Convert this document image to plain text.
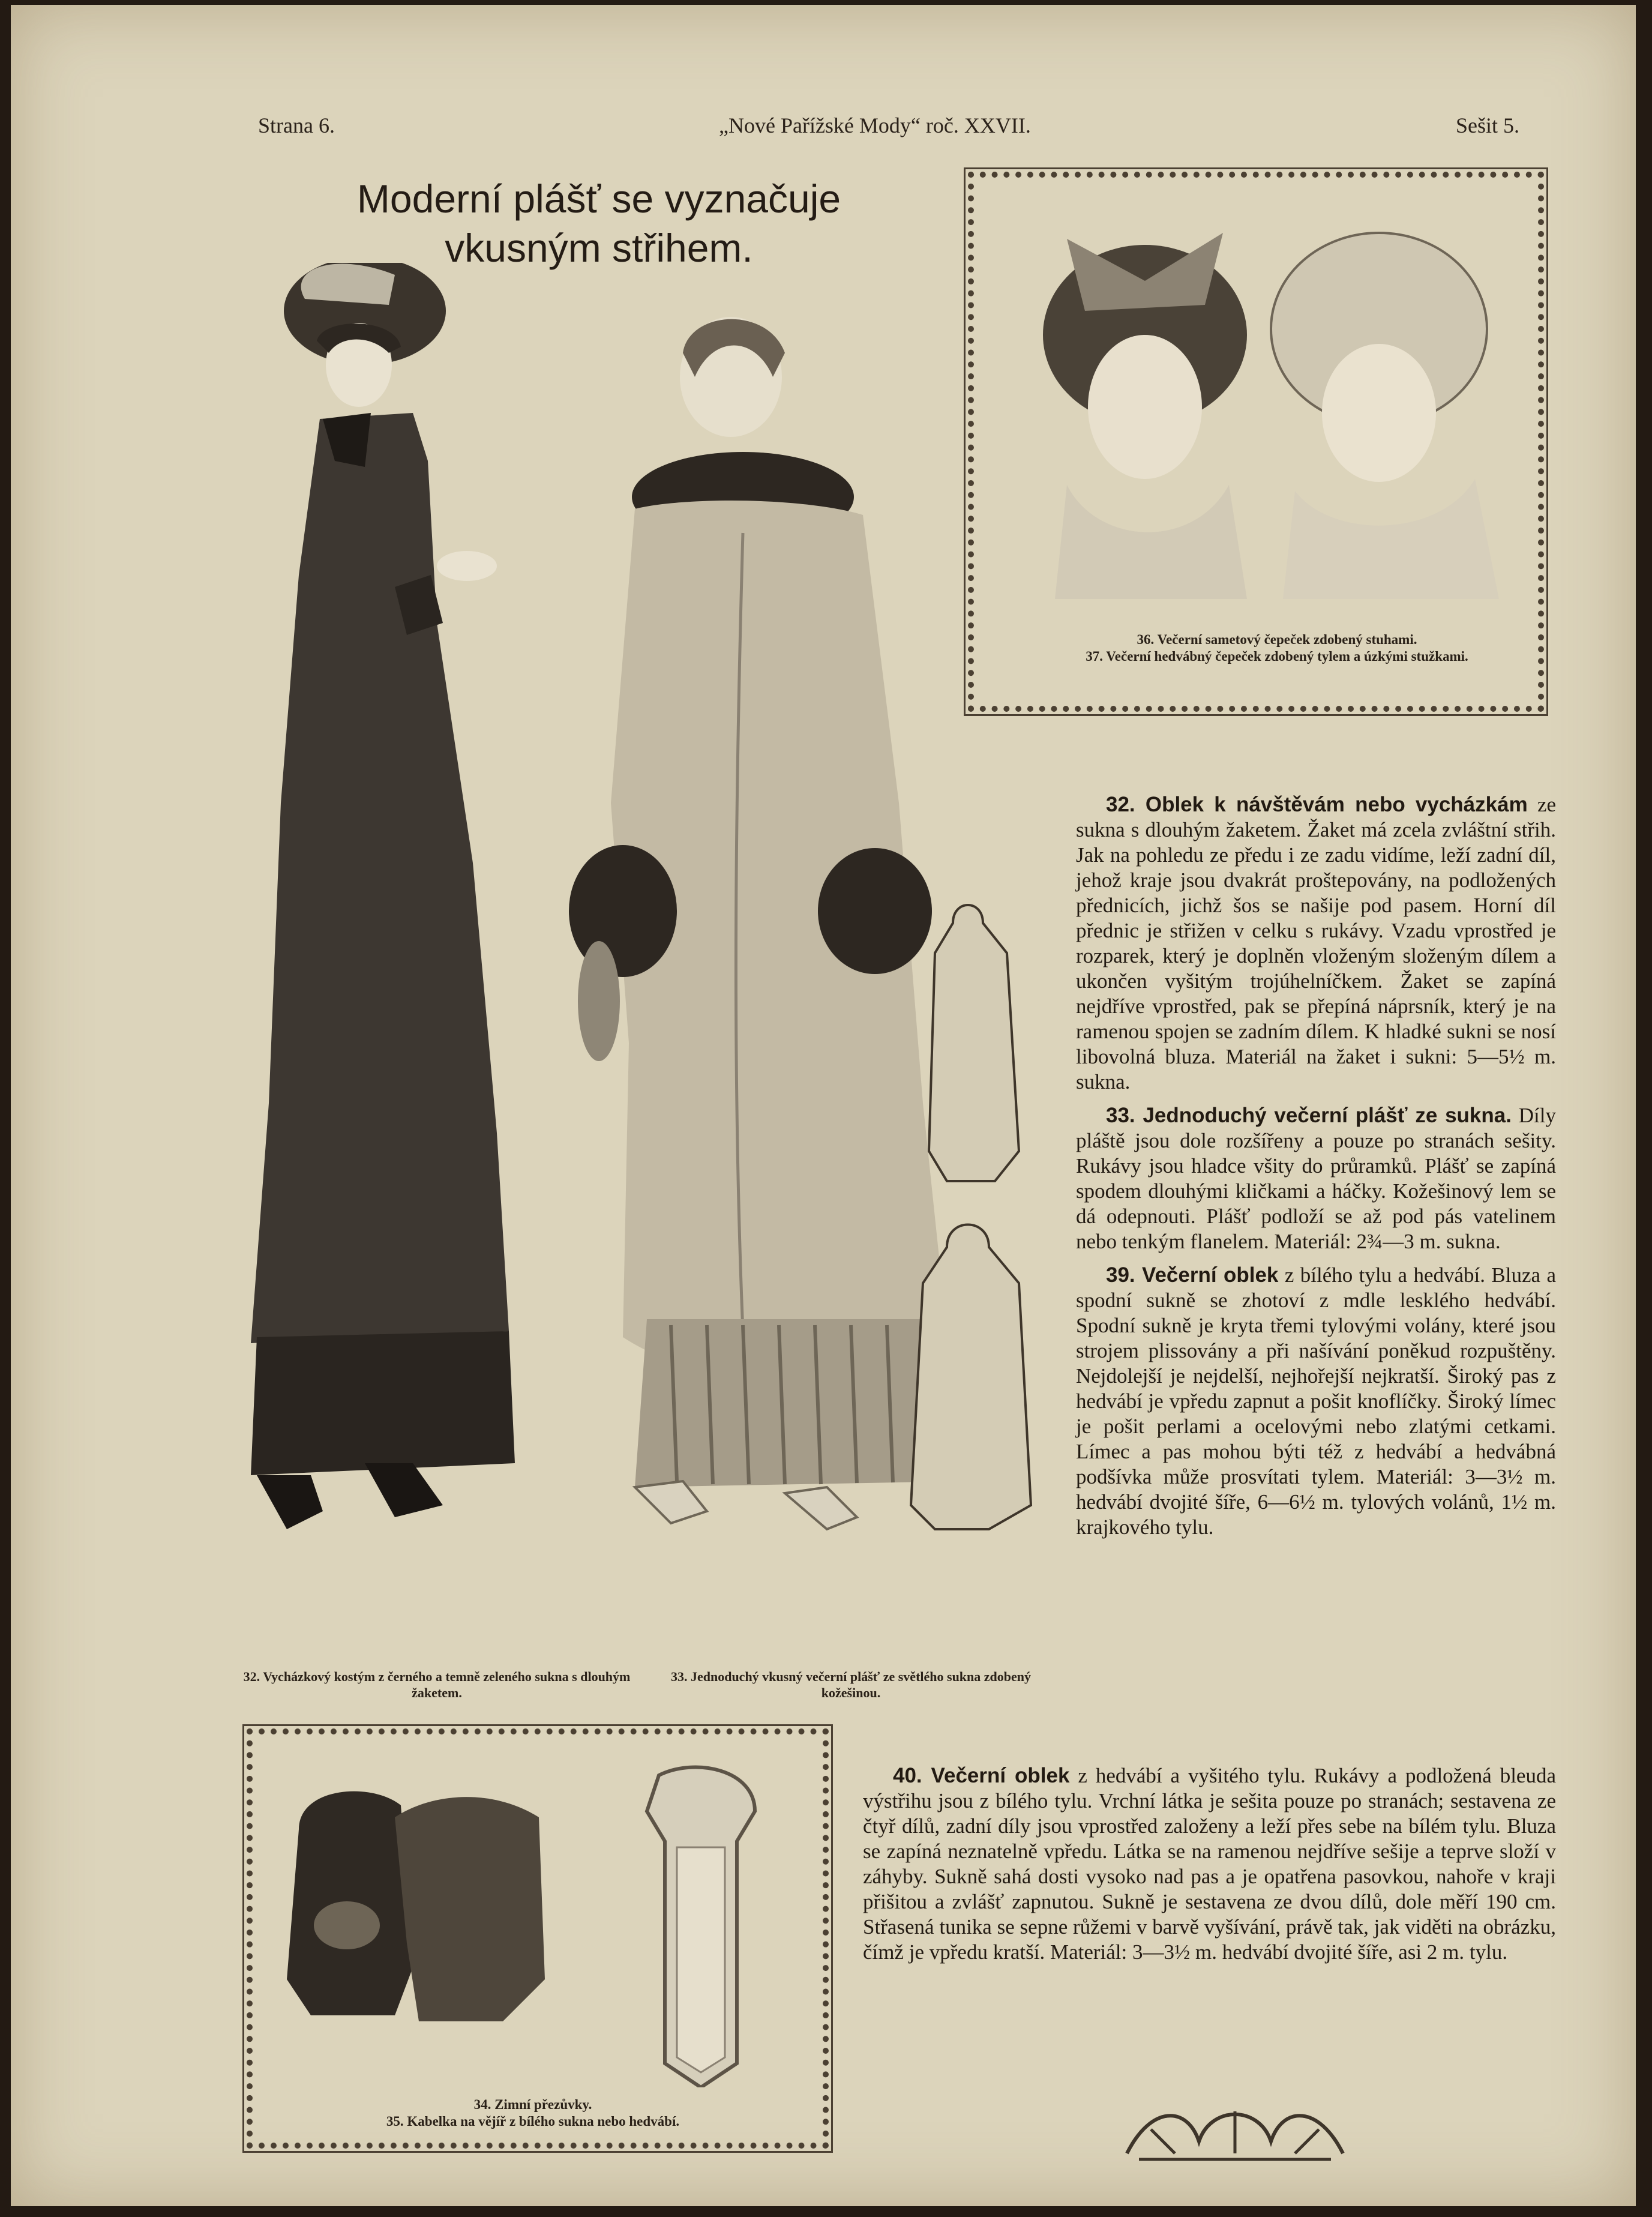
Strana 6.	„Nové Pařížské Mody“ roč. XXVII.	Sešit 5.
Moderní plášť se vyznačuje
vkusným střihem.
32. Vycházkový kostým z černého a temně zeleného sukna s dlouhým žaketem.
33. Jednoduchý vkusný večerní plášť ze světlého sukna zdobený kožešinou.
36. Večerní sametový čepeček zdobený stuhami.
37. Večerní hedvábný čepeček zdobený tylem a úzkými stužkami.
34. Zimní přezůvky.
35. Kabelka na vějíř z bílého sukna nebo hedvábí.

32. Oblek k návštěvám nebo vycházkám ze sukna s dlouhým žaketem. Žaket má zcela zvláštní střih. Jak na pohledu ze předu i ze zadu vidíme, leží zadní díl, jehož kraje jsou dvakrát proštepovány, na podložených přednicích, jichž šos se našije pod pasem. Horní díl přednic je střižen v celku s rukávy. Vzadu vprostřed je rozparek, který je doplněn vloženým složeným dílem a ukončen vyšitým trojúhelníčkem. Žaket se zapíná nejdříve vprostřed, pak se přepíná náprsník, který je na ramenou spojen se zadním dílem. K hladké sukni se nosí libovolná bluza. Materiál na žaket i sukni: 5—5½ m. sukna.

33. Jednoduchý večerní plášť ze sukna. Díly pláště jsou dole rozšířeny a pouze po stranách sešity. Rukávy jsou hladce všity do průramků. Plášť se zapíná spodem dlouhými kličkami a háčky. Kožešinový lem se dá odepnouti. Plášť podloží se až pod pás vatelinem nebo tenkým flanelem. Materiál: 2¾—3 m. sukna.

39. Večerní oblek z bílého tylu a hedvábí. Bluza a spodní sukně se zhotoví z mdle lesklého hedvábí. Spodní sukně je kryta třemi tylovými volány, které jsou strojem plissovány a při našívání poněkud rozpuštěny. Nejdolejší je nejdelší, nejhořejší nejkratší. Široký pas z hedvábí je vpředu zapnut a pošit knoflíčky. Široký límec je pošit perlami a ocelovými nebo zlatými cetkami. Límec a pas mohou býti též z hedvábí a hedvábná podšívka může prosvítati tylem. Materiál: 3—3½ m. hedvábí dvojité šíře, 6—6½ m. tylových volánů, 1½ m. krajkového tylu.

40. Večerní oblek z hedvábí a vyšitého tylu. Rukávy a podložená bleuda výstřihu jsou z bílého tylu. Vrchní látka je sešita pouze po stranách; sestavena ze čtyř dílů, zadní díly jsou vprostřed založeny a leží přes sebe na bílém tylu. Bluza se zapíná neznatelně vpředu. Látka se na ramenou nejdříve sešije a teprve složí v záhyby. Sukně sahá dosti vysoko nad pas a je opatřena pasovkou, nahoře v kraji přišitou a zvlášť zapnutou. Sukně je sestavena ze dvou dílů, dole měří 190 cm. Střasená tunika se sepne růžemi v barvě vyšívání, právě tak, jak viděti na obrázku, čímž je vpředu kratší. Materiál: 3—3½ m. hedvábí dvojité šíře, asi 2 m. tylu.
